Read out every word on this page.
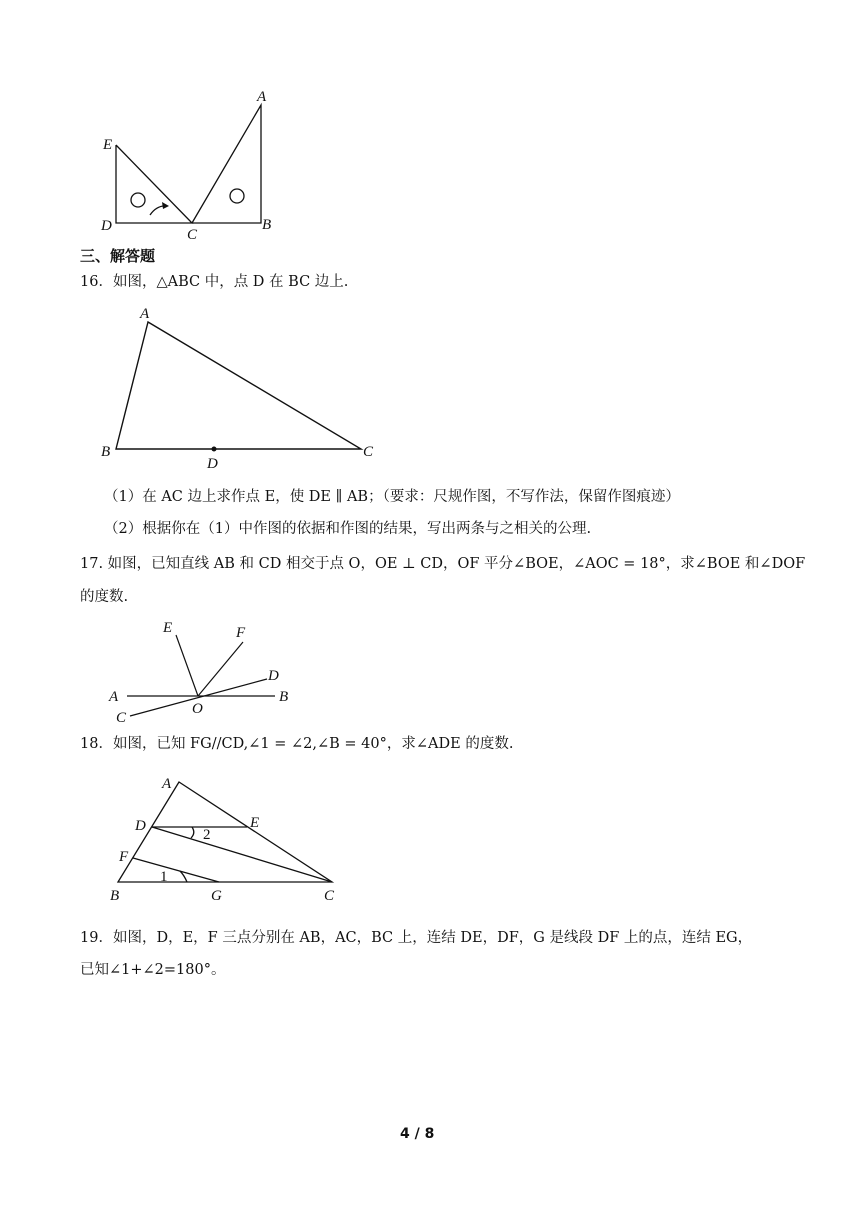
E
D
C
A
B
三、解答题
16．如图，△ABC 中，点 D 在 BC 边上.
A
B	C
D
（1）在 AC 边上求作点 E，使 DE ∥ AB；（要求：尺规作图，不写作法，保留作图痕迹）
（2）根据你在（1）中作图的依据和作图的结果，写出两条与之相关的公理.
17. 如图，已知直线 AB 和 CD 相交于点 O，OE ⊥ CD，OF 平分∠BOE，∠AOC = 18°，求∠BOE 和∠DOF
的度数.
E	F
D
A	B
O
C
18．如图，已知 FG//CD,∠1 = ∠2,∠B = 40°，求∠ADE 的度数.
A
D	E
F
B	G	C
2
1
19．如图，D，E，F 三点分别在 AB，AC，BC 上，连结 DE，DF，G 是线段 DF 上的点，连结 EG，
已知∠1+∠2=180°。
4 / 8
